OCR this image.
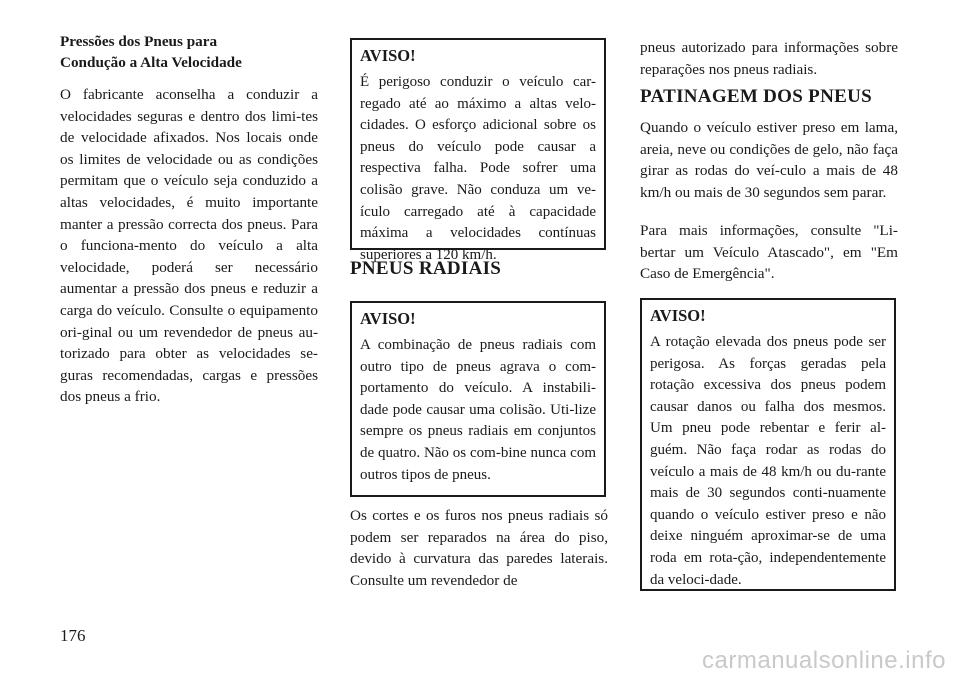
Pressões dos Pneus para

Condução a Alta Velocidade

O fabricante aconselha a conduzir a velocidades seguras e dentro dos limi-tes de velocidade afixados. Nos locais onde os limites de velocidade ou as condições permitam que o veículo seja conduzido a altas velocidades, é muito importante manter a pressão correcta dos pneus. Para o funciona-mento do veículo a alta velocidade, poderá ser necessário aumentar a pressão dos pneus e reduzir a carga do veículo. Consulte o equipamento ori-ginal ou um revendedor de pneus au-torizado para obter as velocidades se-guras recomendadas, cargas e pressões dos pneus a frio.

AVISO!

É perigoso conduzir o veículo car-regado até ao máximo a altas velo-cidades. O esforço adicional sobre os pneus do veículo pode causar a respectiva falha. Pode sofrer uma colisão grave. Não conduza um ve-ículo carregado até à capacidade máxima a velocidades contínuas superiores a 120 km/h.

PNEUS RADIAIS

AVISO!

A combinação de pneus radiais com outro tipo de pneus agrava o com-portamento do veículo. A instabili-dade pode causar uma colisão. Uti-lize sempre os pneus radiais em conjuntos de quatro. Não os com-bine nunca com outros tipos de pneus.

Os cortes e os furos nos pneus radiais só podem ser reparados na área do piso, devido à curvatura das paredes laterais. Consulte um revendedor de

pneus autorizado para informações sobre reparações nos pneus radiais.

PATINAGEM DOS PNEUS

Quando o veículo estiver preso em lama, areia, neve ou condições de gelo, não faça girar as rodas do veí-culo a mais de 48 km/h ou mais de 30 segundos sem parar.

Para mais informações, consulte "Li-bertar um Veículo Atascado", em "Em Caso de Emergência".

AVISO!

A rotação elevada dos pneus pode ser perigosa. As forças geradas pela rotação excessiva dos pneus podem causar danos ou falha dos mesmos. Um pneu pode rebentar e ferir al-guém. Não faça rodar as rodas do veículo a mais de 48 km/h ou du-rante mais de 30 segundos conti-nuamente quando o veículo estiver preso e não deixe ninguém aproximar-se de uma roda em rota-ção, independentemente da veloci-dade.

176
carmanualsonline.info
